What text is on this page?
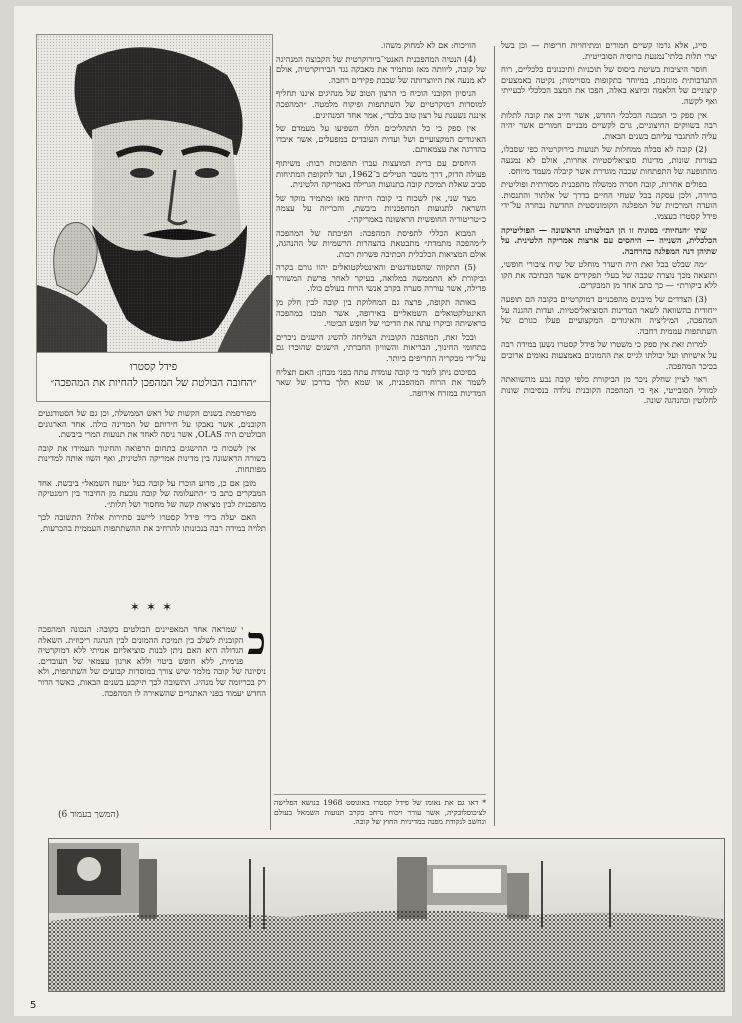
פידל קסטרו
״החובה הבולטת של המהפכן להחיות את המהפכה״

סייג, אלא גרמו קשיים חמורים ומתיחויות חריפות — וכן בשל יצרי תלות בלתי־נמנעת ברוסיה הסובייטית.

חוסר היציבות בשיטת ביסוס של תוכניות ותיכנונים כלכליים, רוח התנדבותית מוגזמת, במיוחד בתקופות מסויימות; נקיטה באמצעים קיצוניים של הלאמה וכיוצא באלה, הפכו את המצב הכלכלי לבעייתי ואף לקשה.

אין ספק כי המבנה הכלכלי החדש, אשר חייב את קובה לתלות רבה בשווקים החיצוניים, גרם לקשיים מבניים חמורים אשר יהיה עליה להתגבר עליהם בשנים הבאות.

(2) קובה לא סבלה ממחלות של תנועות בירוקרטיה כפי שסבלו, בצורות שונות, מדינות סוציאליסטיות אחרות, אולם לא נמנעה מהתופעה של התפתחות שכבה מוגדרת אשר קיבלה מעמד מיוחס.

בפולים אחרות, קובה חסרה ממשלה מהפכנית מסורתית ופוליטית ברורה, ולכן עסקה בכל שטחי החיים בדרך של אלתור והתנסות. הועדה המרכזית של המפלגה הקומוניסטית החדשה נבחרה על־ידי פידל קסטרו בעצמו.

שתי ״הנחיות״ בסוגיה זו הן הבולטות: הראשונה — הפוליטיקה הכלכלית, השנייה — היחסים עם ארצות אמריקה הלטינית. על שתיהן דנה המפלגה בהרחבה.

״מה שבלט בכל זאת היה היעדר מוחלט של שיח ציבורי חופשי, ותוצאה מכך נוצרה שכבה של בעלי תפקידים אשר הכתיבה את הקו ללא ביקורת״ — כך כתב אחד מן המבקרים.

(3) הצדדים של מיבנים מהפכניים דמוקרטיים בקובה הם תופעה ייחודית בהשוואה לשאר המדינות הסוציאליסטיות. ועדות ההגנה על המהפכה, המיליציה והאיגודים המקצועיים פעלו כגורם של השתתפות עממית רחבה.

למרות זאת אין ספק כי משטרו של פידל קסטרו נשען במידה רבה על אישיותו ועל יכולתו לגייס את ההמונים באמצעות נאומים ארוכים בכיכר המהפכה.

ראוי לציין שחלק ניכר מן הביקורת כלפי קובה נבע מהשוואתה למודל הסובייטי, אף כי המהפכה הקובנית נולדה בנסיבות שונות לחלוטין ובהנהגה שונה.

הוויכוח: אם לא למחוק משהו.

(4) הנטיה המהפכנית האנטי־ביורוקרטית של הקבוצה המנהיגה של קובה, ליוותה מאז ומתמיד את מאבקה נגד הבירוקרטיה, אולם לא מנעה את היווצרותה של שכבת פקידים רחבה.

הניסיון הקובני הוכיח כי הרצון הטוב של מנהיגים איננו תחליף למוסדות דמוקרטיים של השתתפות ופיקוח מלמטה. ״המהפכה איננה נשענת על רצון טוב בלבד״, אמר אחד המנהיגים.

אין ספק כי כל התהליכים הללו השפיעו על מעמדם של האיגודים המקצועיים ושל ועדות העובדים במפעלים, אשר איבדו בהדרגה את עצמאותם.

היחסים עם ברית המועצות עברו תהפוכות רבות: משיתוף פעולה הדוק, דרך משבר הטילים ב־1962, ועד לתקופת המתיחות סביב שאלת תמיכת קובה בתנועות הגרילה באמריקה הלטינית.

מצד שני, אין לשכוח כי קובה הייתה מאז ומתמיד מוקד של השראה לתנועות המהפכניות ביבשת, והכריזה על עצמה כ״טריטוריה החופשית הראשונה באמריקה״.

המבוא הכללי לתפיסת המהפכה: הפיכתה של המהפכה ל״מהפכה מתמדת״ מתבטאת בהצהרות הרשמיות של ההנהגה, אולם המציאות הכלכלית הכתיבה פשרות רבות.

(5) התקווה שהסטודנטים והאינטלקטואלים יהוו גורם בקרה וביקורת לא התממשה במלואה, בעיקר לאחר פרשת המשורר פדילה, אשר עוררה סערה בקרב אנשי הרוח בעולם כולו.

באותה תקופה, פרצה גם המחלוקת בין קובה לבין חלק מן האינטלקטואלים השמאליים באירופה, אשר תמכו במהפכה בראשיתה וביקרו עתה את הדיכוי של חופש הביטוי.

ובכל זאת, המהפכה הקובנית הצליחה להשיג הישגים ניכרים בתחומי החינוך, הבריאות והשוויון החברתי, הישגים שהוכרו גם על־ידי מבקריה החריפים ביותר.

בסיכום ניתן לומר כי קובה עומדת עתה בפני מבחן: האם תצליח לשמר את הרוח המהפכנית, או שמא תלך בדרכן של שאר המדינות במזרח אירופה.

* ראו גם את נאומו של פידל קסטרו באוגוסט 1968 בנושא הפלישה לצ׳כוסלובקיה, אשר עורר ויכוח נרחב בקרב תנועות השמאל בעולם ונחשב לנקודת מפנה במדיניות החוץ של קובה.

מפורסמת בשנים הקשות של ראש הממשלה, וכן גם של הסטודנטים הקובנים, אשר נאבקו על חירותם של המדינה כולה. אחד הארגונים הבולטים היה OLAS, אשר ניסה לאחד את תנועות המרי ביבשת.

אין לשכוח כי ההישגים בתחום הרפואה והחינוך העמידו את קובה בשורה הראשונה בין מדינות אמריקה הלטינית, ואף השוו אותה למדינות מפותחות.

מובן אם כן, מדוע הוכרז על קובה כעל ״מעוז השמאל״ ביבשת. אחד המבקרים כתב כי ״התעלומה של קובה נובעת מן החיבור בין רומנטיקה מהפכנית לבין מציאות קשה של מחסור ושל תלות״.

האם יעלה בידי פידל קסטרו ליישב סתירות אלה? התשובה לכך תלויה במידה רבה בנכונותו להרחיב את ההשתתפות העממית בהכרעות.

✶✶✶
כ
י שמראה אחד המאפיינים הבולטים בקובה: הנכונה המהפכה הקובנית לשלב בין תמיכת ההמונים לבין הנהגה ריכוזית. השאלה הגדולה היא האם ניתן לבנות סוציאליזם אמיתי ללא דמוקרטיה פנימית, ללא חופש ביטוי וללא ארגון עצמאי של העובדים. ניסיונה של קובה מלמד שיש צורך במוסדות קבועים של השתתפות, ולא רק בכריזמה של מנהיג. התשובה לכך תיקבע בשנים הבאות, כאשר הדור החדש יעמוד בפני האתגרים שהשאירה לו המהפכה.
(המשך בעמוד 6)
5
